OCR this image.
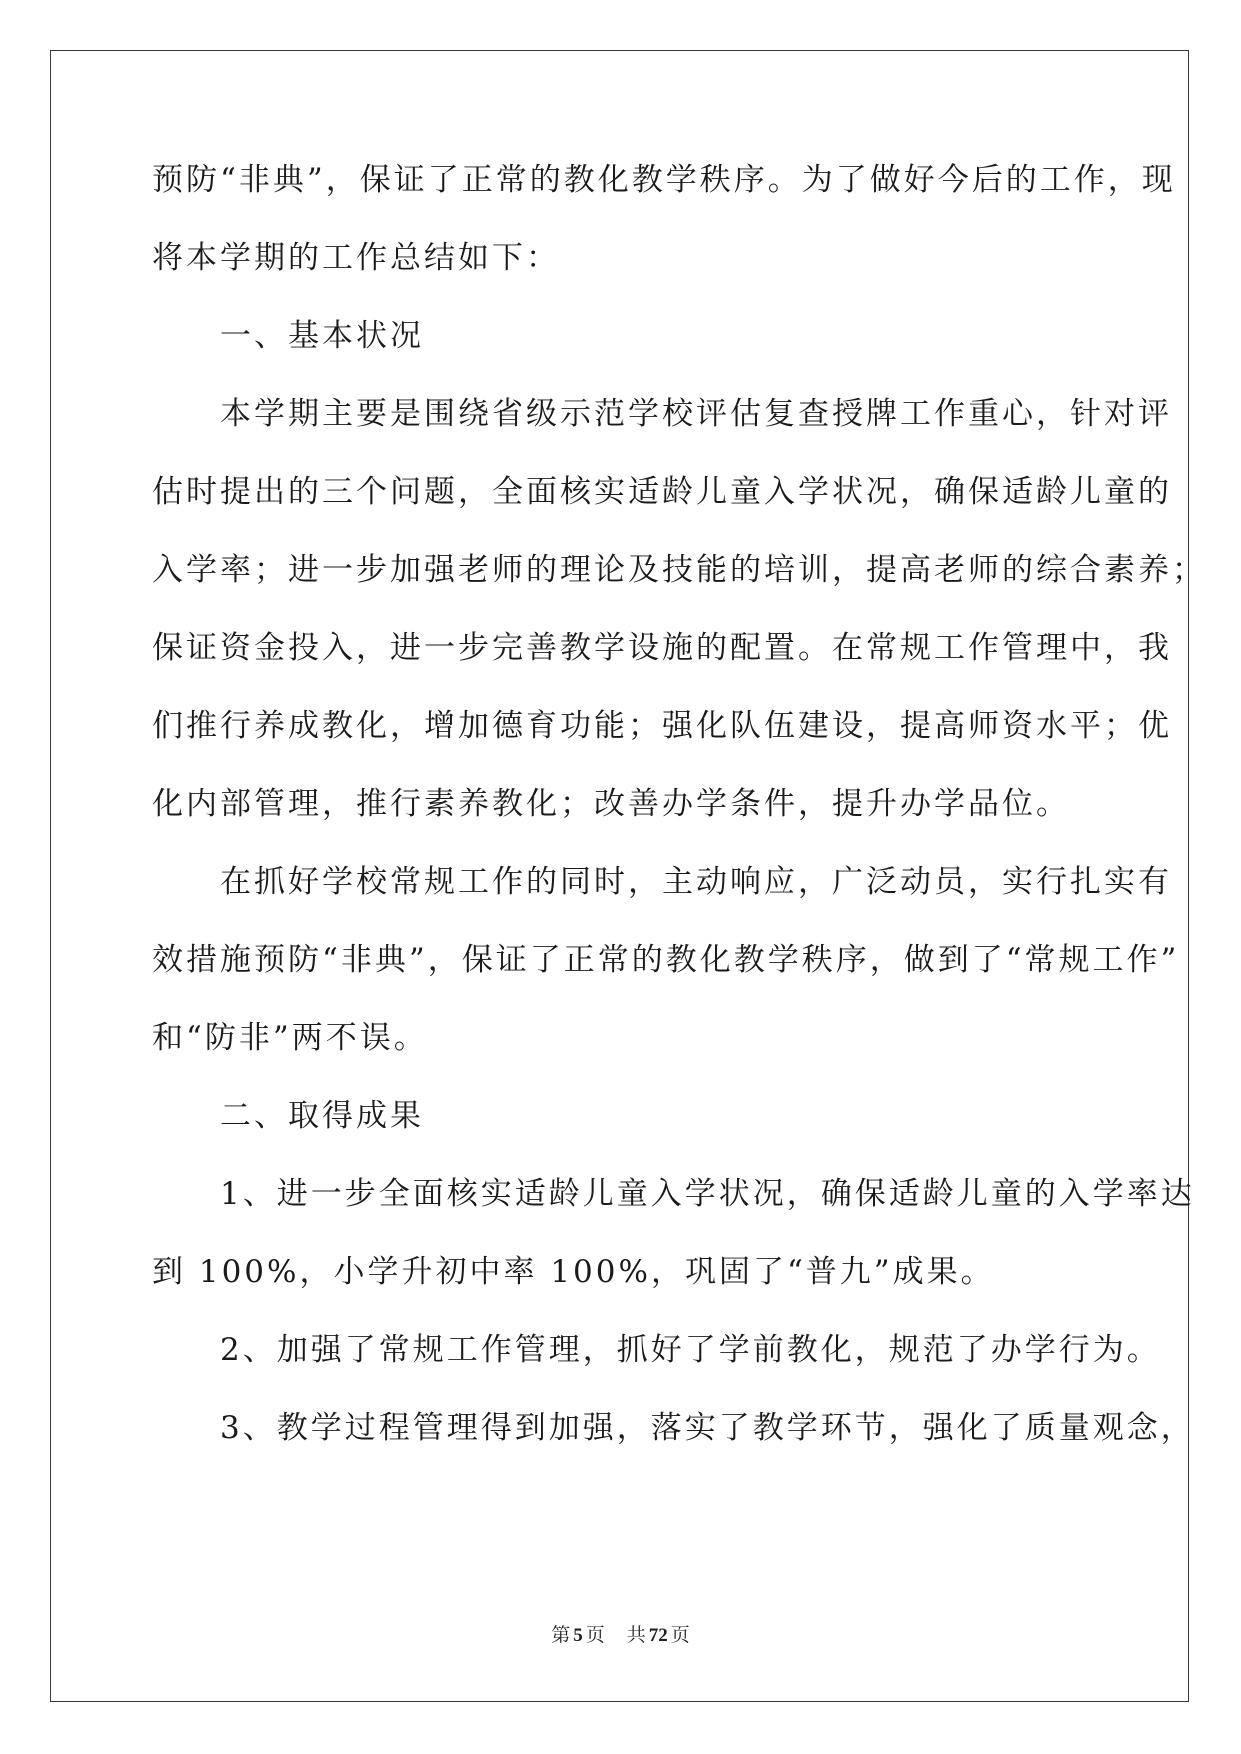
预防“非典”，保证了正常的教化教学秩序。为了做好今后的工作，现
将本学期的工作总结如下：
　　一、基本状况
　　本学期主要是围绕省级示范学校评估复查授牌工作重心，针对评
估时提出的三个问题，全面核实适龄儿童入学状况，确保适龄儿童的
入学率；进一步加强老师的理论及技能的培训，提高老师的综合素养；
保证资金投入，进一步完善教学设施的配置。在常规工作管理中，我
们推行养成教化，增加德育功能；强化队伍建设，提高师资水平；优
化内部管理，推行素养教化；改善办学条件，提升办学品位。
　　在抓好学校常规工作的同时，主动响应，广泛动员，实行扎实有
效措施预防“非典”，保证了正常的教化教学秩序，做到了“常规工作”
和“防非”两不误。
　　二、取得成果
　　1、进一步全面核实适龄儿童入学状况，确保适龄儿童的入学率达
到 100%，小学升初中率 100%，巩固了“普九”成果。
　　2、加强了常规工作管理，抓好了学前教化，规范了办学行为。
　　3、教学过程管理得到加强，落实了教学环节，强化了质量观念，
第 5 页 共 72 页
